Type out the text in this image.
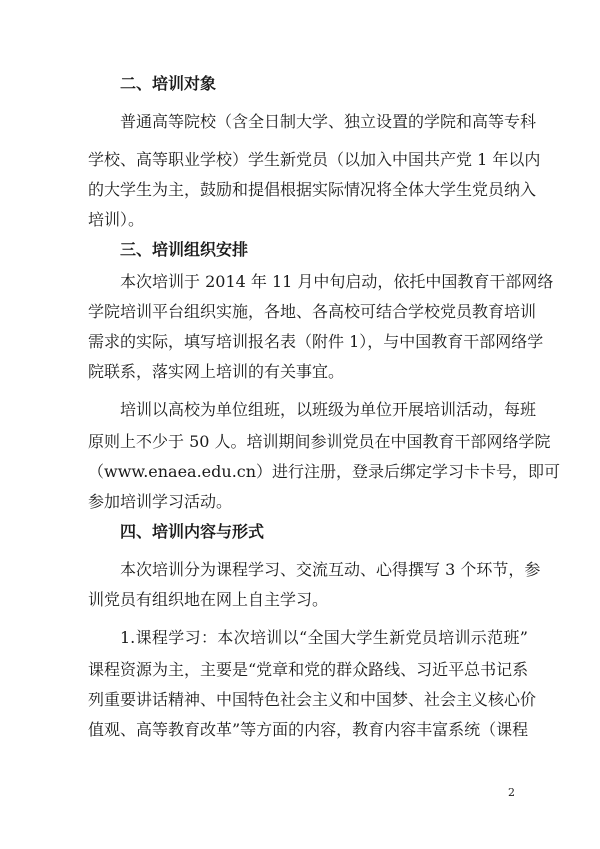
二、培训对象
普通高等院校（含全日制大学、独立设置的学院和高等专科
学校、高等职业学校）学生新党员（以加入中国共产党 1 年以内
的大学生为主，鼓励和提倡根据实际情况将全体大学生党员纳入
培训）。
三、培训组织安排
本次培训于 2014 年 11 月中旬启动，依托中国教育干部网络
学院培训平台组织实施，各地、各高校可结合学校党员教育培训
需求的实际，填写培训报名表（附件 1），与中国教育干部网络学
院联系，落实网上培训的有关事宜。
培训以高校为单位组班，以班级为单位开展培训活动，每班
原则上不少于 50 人。培训期间参训党员在中国教育干部网络学院
（www.enaea.edu.cn）进行注册，登录后绑定学习卡卡号，即可
参加培训学习活动。
四、培训内容与形式
本次培训分为课程学习、交流互动、心得撰写 3 个环节，参
训党员有组织地在网上自主学习。
1.课程学习：本次培训以“全国大学生新党员培训示范班”
课程资源为主，主要是“党章和党的群众路线、习近平总书记系
列重要讲话精神、中国特色社会主义和中国梦、社会主义核心价
值观、高等教育改革”等方面的内容，教育内容丰富系统（课程
2
